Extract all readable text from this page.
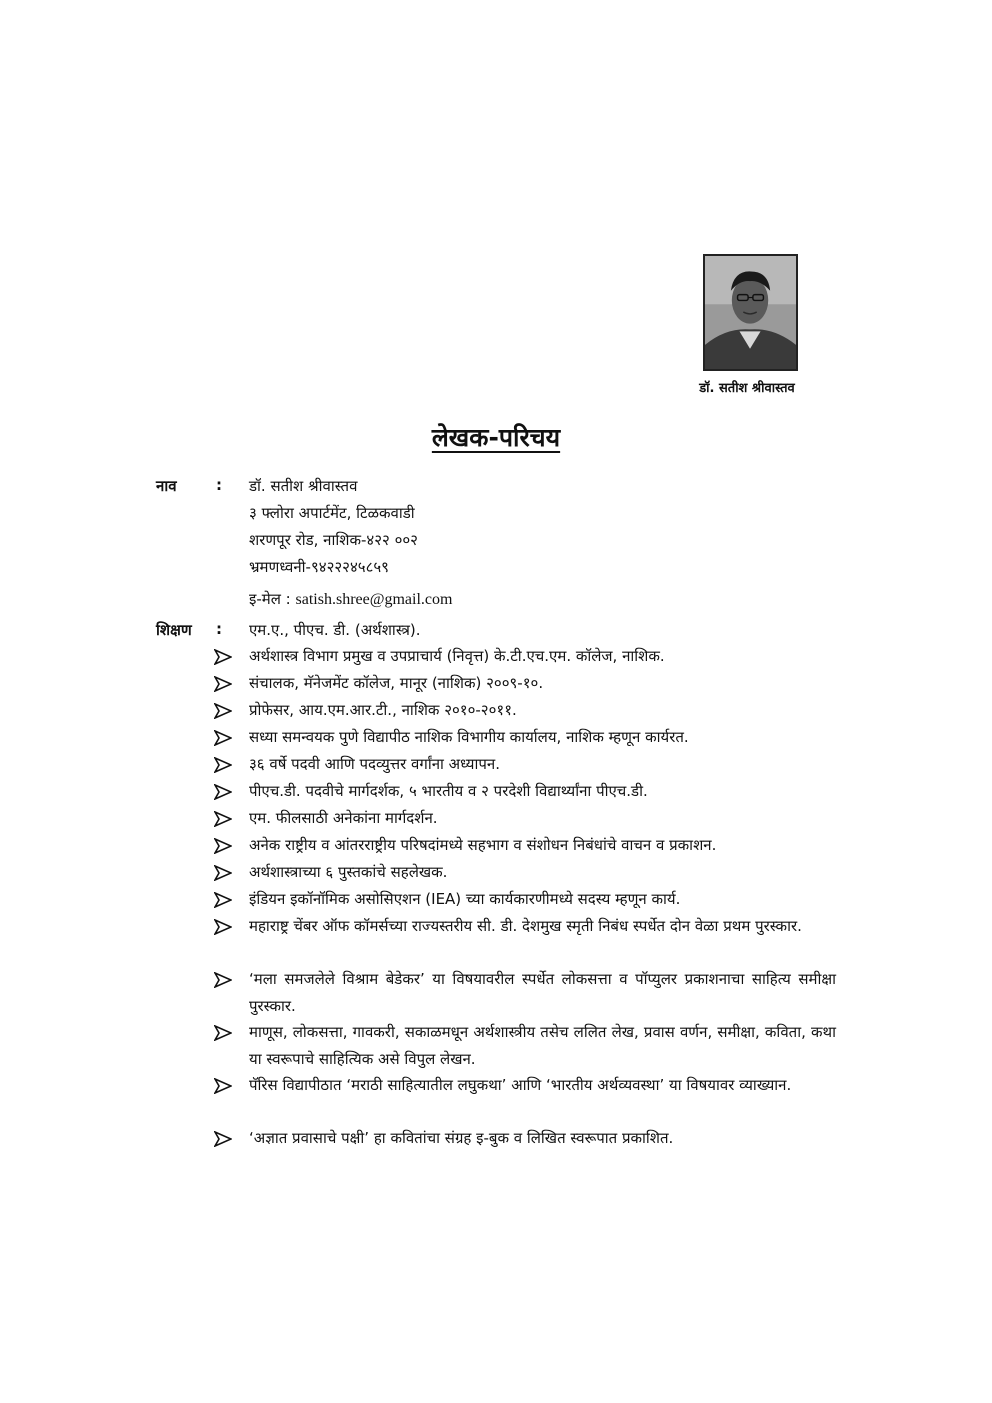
डॉ. सतीश श्रीवास्तव
लेखक-परिचय
नाव	: डॉ. सतीश श्रीवास्तव
३ फ्लोरा अपार्टमेंट, टिळकवाडी
शरणपूर रोड, नाशिक-४२२ ००२
भ्रमणध्वनी-९४२२२४५८५९
इ-मेल : satish.shree@gmail.com
शिक्षण : एम.ए., पीएच. डी. (अर्थशास्त्र).
अर्थशास्त्र विभाग प्रमुख व उपप्राचार्य (निवृत्त) के.टी.एच.एम. कॉलेज, नाशिक.
संचालक, मॅनेजमेंट कॉलेज, मानूर (नाशिक) २००९-१०.
प्रोफेसर, आय.एम.आर.टी., नाशिक २०१०-२०११.
सध्या समन्वयक पुणे विद्यापीठ नाशिक विभागीय कार्यालय, नाशिक म्हणून कार्यरत.
३६ वर्षे पदवी आणि पदव्युत्तर वर्गांना अध्यापन.
पीएच.डी. पदवीचे मार्गदर्शक, ५ भारतीय व २ परदेशी विद्यार्थ्यांना पीएच.डी.
एम. फीलसाठी अनेकांना मार्गदर्शन.
अनेक राष्ट्रीय व आंतरराष्ट्रीय परिषदांमध्ये सहभाग व संशोधन निबंधांचे वाचन व प्रकाशन.
अर्थशास्त्राच्या ६ पुस्तकांचे सहलेखक.
इंडियन इकॉनॉमिक असोसिएशन (IEA) च्या कार्यकारणीमध्ये सदस्य म्हणून कार्य.
महाराष्ट्र चेंबर ऑफ कॉमर्सच्या राज्यस्तरीय सी. डी. देशमुख स्मृती निबंध स्पर्धेत दोन वेळा प्रथम पुरस्कार.
‘मला समजलेले विश्राम बेडेकर’ या विषयावरील स्पर्धेत लोकसत्ता व पॉप्युलर प्रकाशनाचा साहित्य समीक्षा पुरस्कार.
माणूस, लोकसत्ता, गावकरी, सकाळमधून अर्थशास्त्रीय तसेच ललित लेख, प्रवास वर्णन, समीक्षा, कविता, कथा या स्वरूपाचे साहित्यिक असे विपुल लेखन.
पॅरिस विद्यापीठात ‘मराठी साहित्यातील लघुकथा’ आणि ‘भारतीय अर्थव्यवस्था’ या विषयावर व्याख्यान.
‘अज्ञात प्रवासाचे पक्षी’ हा कवितांचा संग्रह इ-बुक व लिखित स्वरूपात प्रकाशित.
